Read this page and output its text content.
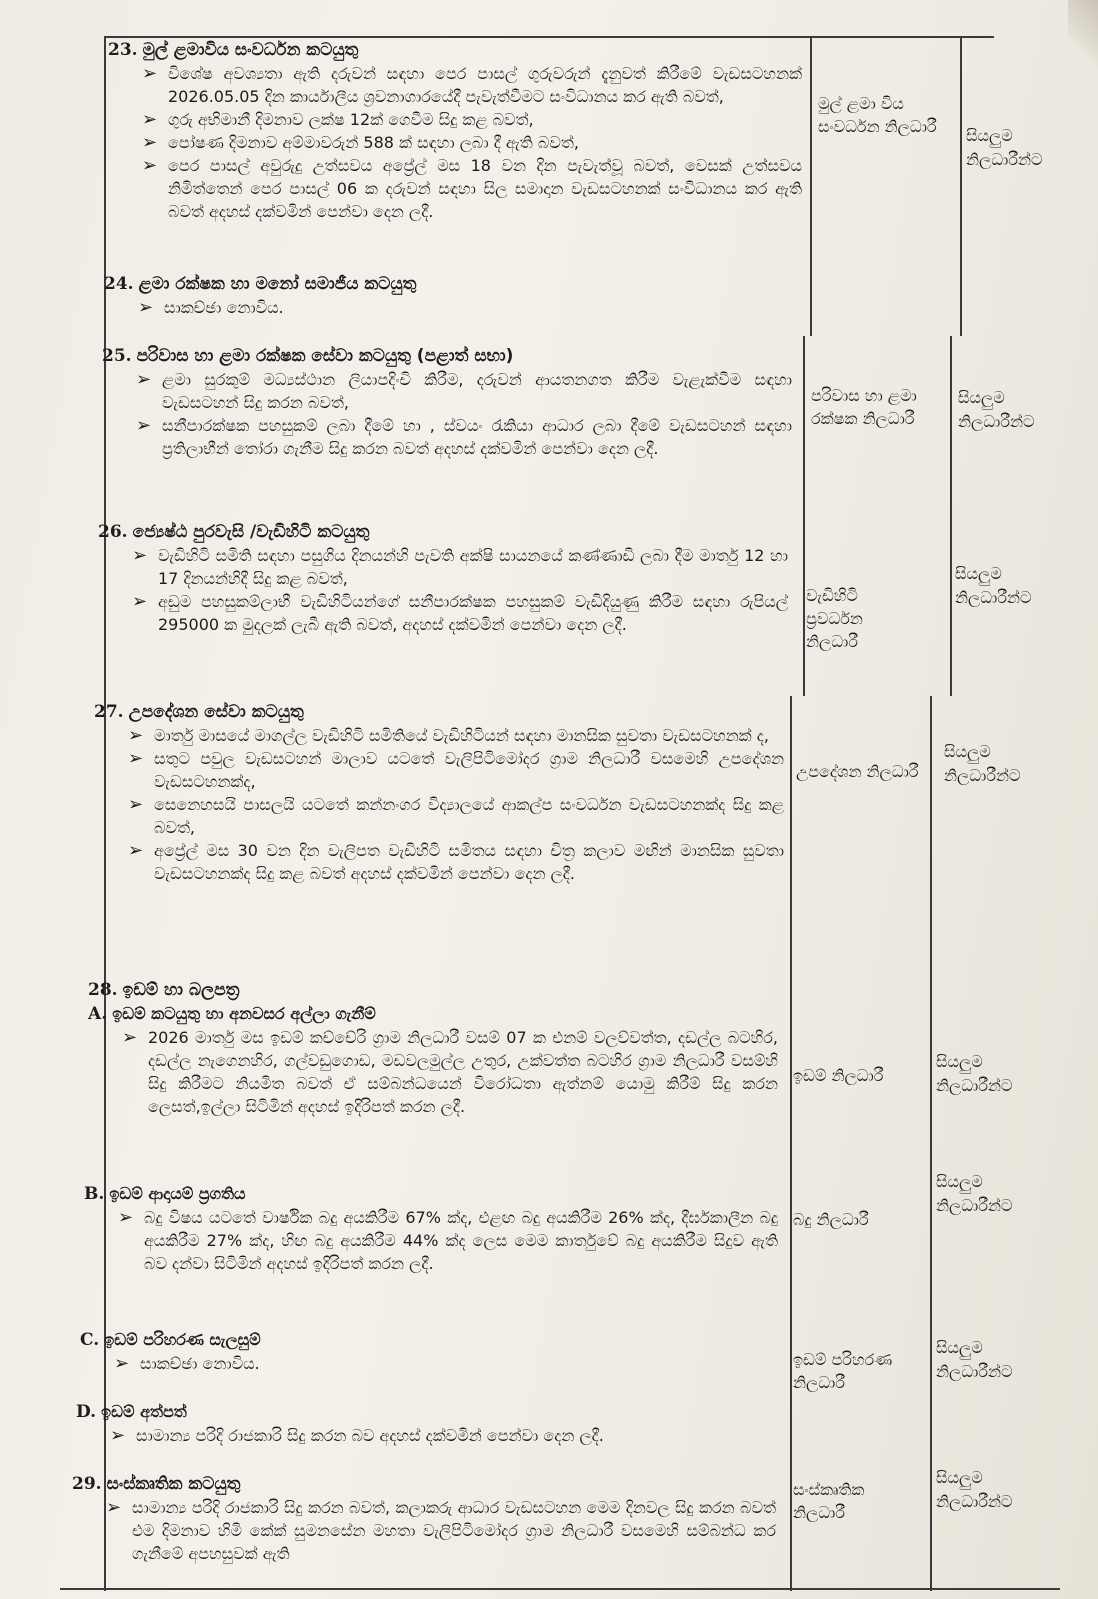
23. මුල් ළමාවිය සංවර්ධන කටයුතු
➢ විශේෂ අවශ්‍යතා ඇති දරුවන් සඳහා පෙර පාසල් ගුරුවරුන් දැනුවත් කිරීමේ වැඩසටහනක් 2026.05.05 දින කාර්යාලීය ශ්‍රවනාගාරයේදී පැවැත්වීමට සංවිධානය කර ඇති බවත්,
➢ ගුරු අභිමානී දිමනාව ලක්ෂ 12ක් ගෙවීම සිදු කළ බවත්,
➢ පෝෂණ දිමනාව අම්මාවරුන් 588 ක් සඳහා ලබා දී ඇති බවත්,
➢ පෙර පාසල් අවුරුදු උත්සවය අප්‍රේල් මස 18 වන දින පැවැත්වූ බවත්, වෙසක් උත්සවය නිමිත්තෙන් පෙර පාසල් 06 ක දරුවන් සඳහා සිල සමාදාන වැඩසටහනක් සංවිධානය කර ඇති බවත් අදහස් දක්වමින් පෙන්වා දෙන ලදී.
මුල් ළමා විය සංවර්ධන නිලධාරී	සියලුම නිලධාරීන්ට
24. ළමා රක්ෂක හා මනෝ සමාජීය කටයුතු
➢ සාකච්ඡා නොවිය.
25. පරිවාස හා ළමා රක්ෂක සේවා කටයුතු (පළාත් සභා)
➢ ළමා සුරකුම් මධ්‍යස්ථාන ලියාපදිංචි කිරීම, දරුවන් ආයතනගත කිරීම වැළැක්වීම සඳහා වැඩසටහන් සිදු කරන බවත්,
➢ සනීපාරක්ෂක පහසුකම් ලබා දීමේ හා , ස්වයං රැකියා ආධාර ලබා දීමේ වැඩසටහන් සඳහා ප්‍රතිලාභීන් තෝරා ගැනීම සිදු කරන බවත් අදහස් දක්වමින් පෙන්වා දෙන ලදී.
පරිවාස හා ළමා රක්ෂක නිලධාරී
සියලුම නිලධාරීන්ට
26. ජ්‍යෙෂ්ඨ පුරවැසි /වැඩිහිටි කටයුතු
➢ වැඩිහිටි සමිති සඳහා පසුගිය දිනයන්හි පැවති අක්ෂි සායනයේ කණ්ණාඩි ලබා දීම මාර්තු 12 හා 17 දිනයන්හිදී සිදු කළ බවත්,
➢ අඩුම පහසුකම්ලාභී වැඩිහිටියන්ගේ සනීපාරක්ෂක පහසුකම් වැඩිදියුණු කිරීම සඳහා රුපියල් 295000 ක මුදලක් ලැබී ඇති බවත්, අදහස් දක්වමින් පෙන්වා දෙන ලදී.
වැඩිහිටි ප්‍රවර්ධන නිලධාරී
සියලුම නිලධාරීන්ට
27. උපදේශන සේවා කටයුතු
➢ මාර්තු මාසයේ මාගල්ල වැඩිහිටි සමිතියේ වැඩිහිටියන් සඳහා මානසික සුවතා වැඩසටහනක් ද,
➢ සතුට පවුල වැඩසටහන් මාලාව යටතේ වැලිපිටිමෝදර ග්‍රාම නිලධාරී වසමෙහි උපදේශන වැඩසටහනක්ද,
➢ සෙනෙහසයි පාසලයි යටතේ කන්නංගර විද්‍යාලයේ ආකල්ප සංවර්ධන වැඩසටහනක්ද සිදු කළ බවත්,
➢ අප්‍රේල් මස 30 වන දින වැලිපත වැඩිහිටි සමිතය සඳහා චිත්‍ර කලාව මඟින් මානසික සුවතා වැඩසටහනක්ද සිදු කළ බවත් අදහස් දක්වමින් පෙන්වා දෙන ලදී.
උපදේශන නිලධාරී
සියලුම නිලධාරීන්ට
28. ඉඩම් හා බලපත්‍ර
A. ඉඩම් කටයුතු හා අනවසර අල්ලා ගැනීම්
➢ 2026 මාර්තු මස ඉඩම් කච්චේරි ග්‍රාම නිලධාරී වසම් 07 ක එනම් වලව්වත්ත, දඩල්ල බටහිර, දඩල්ල නැගෙනහිර, ගල්වඩුගොඩ, මඩවලමුල්ල උතුර, උක්වත්ත බටහිර ග්‍රාම නිලධාරී වසම්හි සිදු කිරීමට නියමිත බවත් ඒ සම්බන්ධයෙන් විරෝධතා ඇත්නම් යොමු කිරීම් සිදු කරන ලෙසත්,ඉල්ලා සිටිමින් අදහස් ඉදිරිපත් කරන ලදී.
ඉඩම් නිලධාරී
සියලුම නිලධාරීන්ට
B. ඉඩම් ආදායම් ප්‍රගතිය
➢ බදු විෂය යටතේ වාර්ෂික බදු අයකිරීම 67% ක්ද, එළඟ බදු අයකිරීම 26% ක්ද, දීර්ඝකාලීන බදු අයකිරීම 27% ක්ද, හිඟ බදු අයකිරීම 44% ක්ද ලෙස මෙම කාර්තුවේ බදු අයකිරීම සිදුව ඇති බව දන්වා සිටිමින් අදහස් ඉදිරිපත් කරන ලදී.
බදු නිලධාරී
සියලුම නිලධාරීන්ට
C. ඉඩම් පරිහරණ සැලසුම්
➢ සාකච්ඡා නොවිය.	ඉඩම් පරිහරණ නිලධාරී
සියලුම නිලධාරීන්ට
D. ඉඩම් අත්පත්
➢ සාමාන්‍ය පරිදි රාජකාරි සිදු කරන බව අදහස් දක්වමින් පෙන්වා දෙන ලදී.
29. සංස්කෘතික කටයුතු
➢ සාමාන්‍ය පරිදි රාජකාරි සිදු කරන බවත්, කලාකරු ආධාර වැඩසටහන මෙම දිනවල සිදු කරන බවත් එම දිමනාව හිමි කේක් සුමනසේන මහතා වැලිපිටිමෝදර ග්‍රාම නිලධාරී වසමෙහි සම්බන්ධ කර ගැනීමේ අපහසුවක් ඇති
සංස්කෘතික නිලධාරී
සියලුම නිලධාරීන්ට
